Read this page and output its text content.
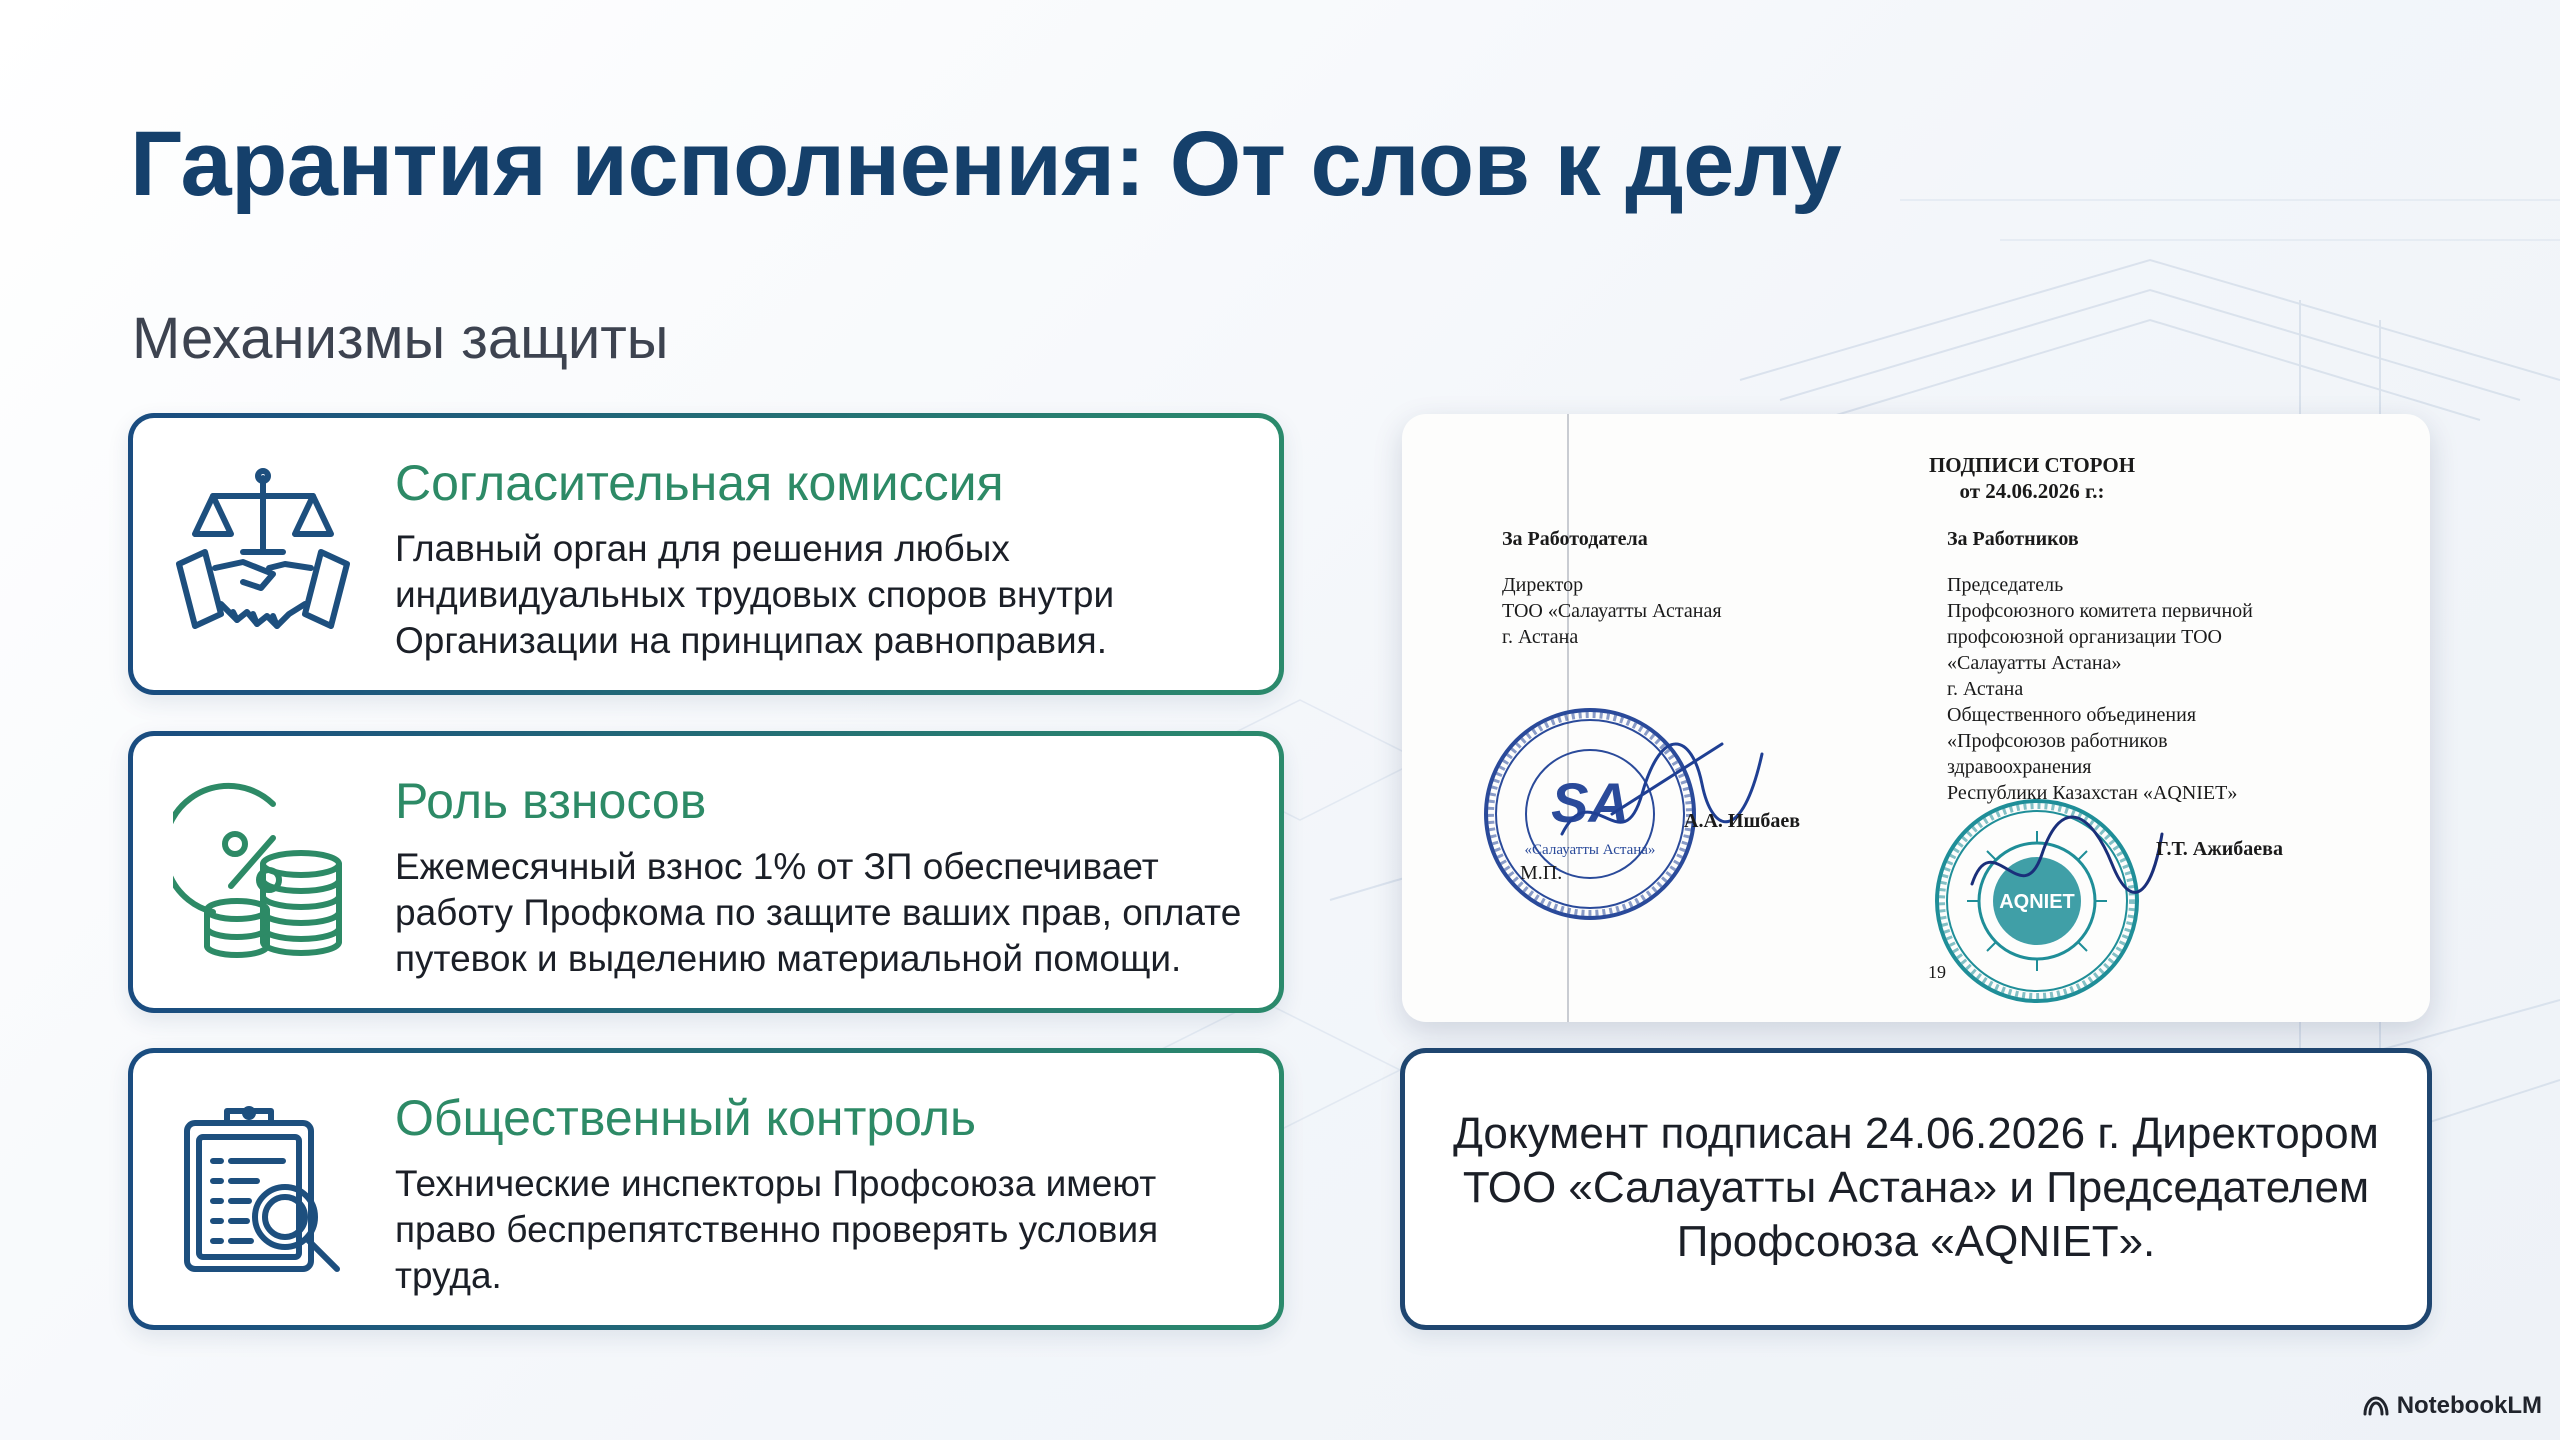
Гарантия исполнения: От слов к делу
Механизмы защиты
Согласительная комиссия
Главный орган для решения любых индивидуальных трудовых споров внутри Организации на принципах равноправия.
Роль взносов
Ежемесячный взнос 1% от ЗП обеспечивает работу Профкома по защите ваших прав, оплате путевок и выделению материальной помощи.
Общественный контроль
Технические инспекторы Профсоюза имеют право беспрепятственно проверять условия труда.
ПОДПИСИ СТОРОН
от 24.06.2026 г.:
За Работодатела
Директор
ТОО «Салауатты Астаная
г. Астана
За Работников
Председатель
Профсоюзного комитета первичной
профсоюзной организации ТОО
«Салауатты Астана»
г. Астана
Общественного объединения
«Профсоюзов работников
здравоохранения
Республики Казахстан «AQNIET»
SA
«Салауатты Астана»
А.А. Ишбаев
М.П.
AQNIET
Г.Т. Ажибаева
19
Документ подписан 24.06.2026 г. Директором ТОО «Салауатты Астана» и Председателем Профсоюза «AQNIET».
NotebookLM
